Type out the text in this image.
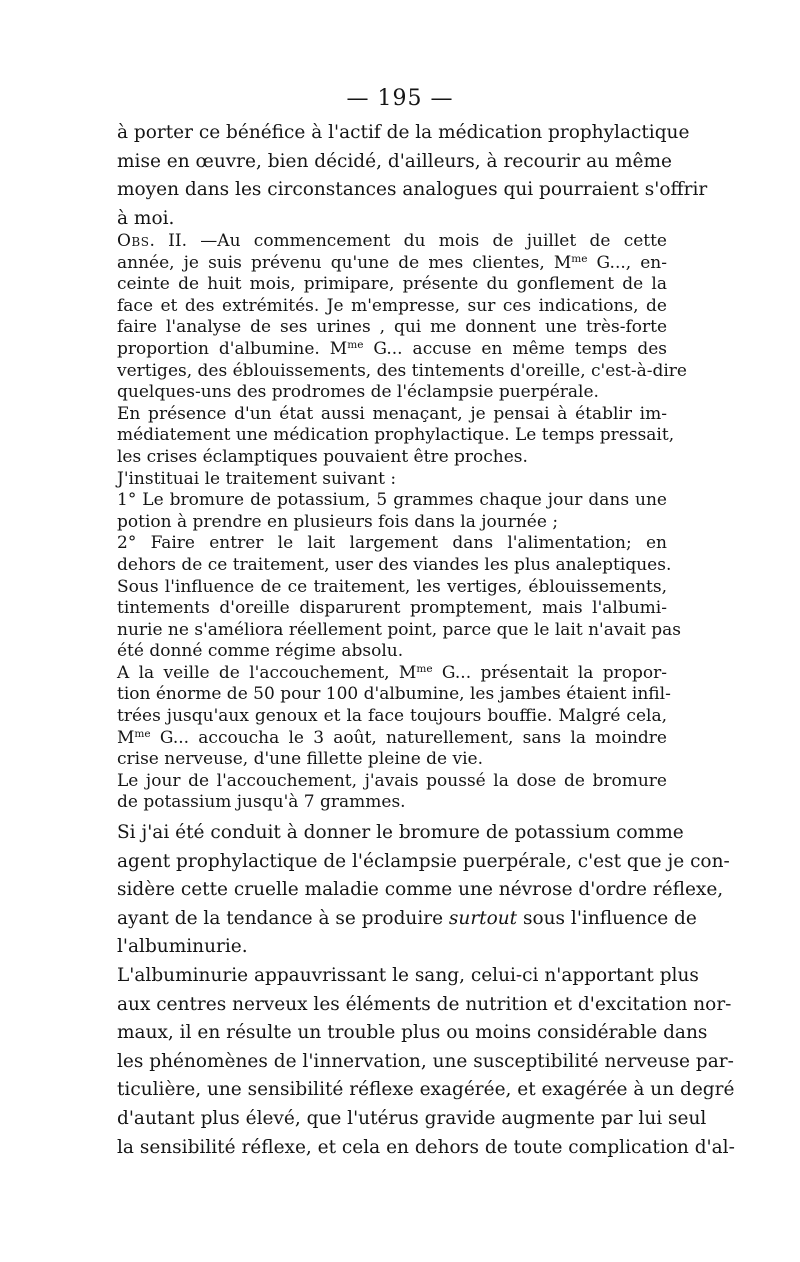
— 195 —
à porter ce bénéfice à l'actif de la médication prophylactique
mise en œuvre, bien décidé, d'ailleurs, à recourir au même
moyen dans les circonstances analogues qui pourraient s'offrir
à moi.
Obs. II. —Au commencement du mois de juillet de cette
année, je suis prévenu qu'une de mes clientes, $M^{me}$ G..., en-
ceinte de huit mois, primipare, présente du gonflement de la
face et des extrémités. Je m'empresse, sur ces indications, de
faire l'analyse de ses urines , qui me donnent une très-forte
proportion d'albumine. $M^{me}$ G... accuse en même temps des
vertiges, des éblouissements, des tintements d'oreille, c'est-à-dire
quelques-uns des prodromes de l'éclampsie puerpérale.
En présence d'un état aussi menaçant, je pensai à établir im-
médiatement une médication prophylactique. Le temps pressait,
les crises éclamptiques pouvaient être proches.
J'instituai le traitement suivant :
1° Le bromure de potassium, 5 grammes chaque jour dans une
potion à prendre en plusieurs fois dans la journée ;
2° Faire entrer le lait largement dans l'alimentation; en
dehors de ce traitement, user des viandes les plus analeptiques.
Sous l'influence de ce traitement, les vertiges, éblouissements,
tintements d'oreille disparurent promptement, mais l'albumi-
nurie ne s'améliora réellement point, parce que le lait n'avait pas
été donné comme régime absolu.
A la veille de l'accouchement, $M^{me}$ G... présentait la propor-
tion énorme de 50 pour 100 d'albumine, les jambes étaient infil-
trées jusqu'aux genoux et la face toujours bouffie. Malgré cela,
$M^{me}$ G... accoucha le 3 août, naturellement, sans la moindre
crise nerveuse, d'une fillette pleine de vie.
Le jour de l'accouchement, j'avais poussé la dose de bromure
de potassium jusqu'à 7 grammes.
Si j'ai été conduit à donner le bromure de potassium comme
agent prophylactique de l'éclampsie puerpérale, c'est que je con-
sidère cette cruelle maladie comme une névrose d'ordre réflexe,
ayant de la tendance à se produire surtout sous l'influence de
l'albuminurie.
L'albuminurie appauvrissant le sang, celui-ci n'apportant plus
aux centres nerveux les éléments de nutrition et d'excitation nor-
maux, il en résulte un trouble plus ou moins considérable dans
les phénomènes de l'innervation, une susceptibilité nerveuse par-
ticulière, une sensibilité réflexe exagérée, et exagérée à un degré
d'autant plus élevé, que l'utérus gravide augmente par lui seul
la sensibilité réflexe, et cela en dehors de toute complication d'al-
